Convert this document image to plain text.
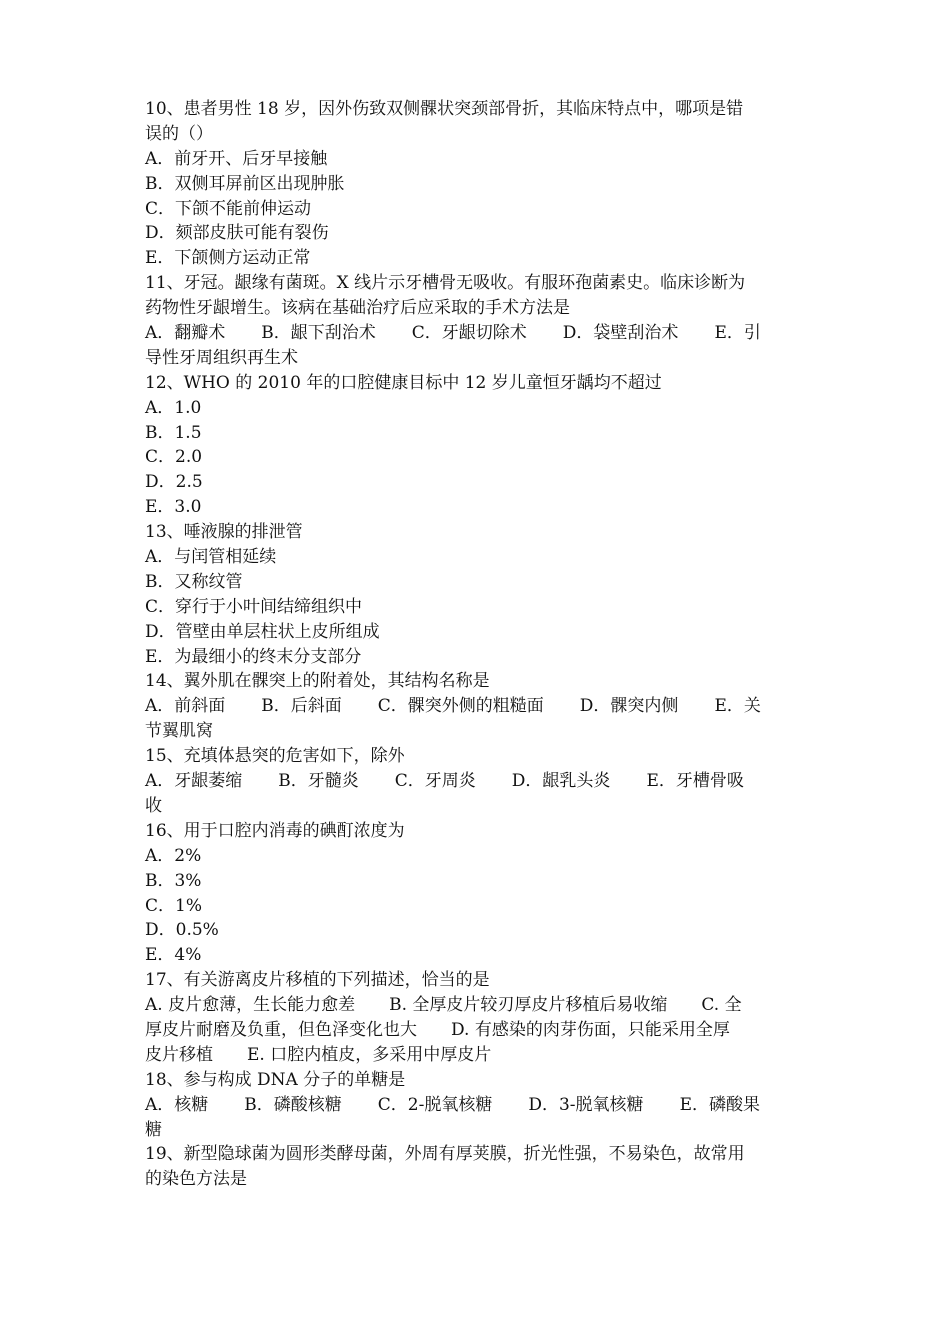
10、患者男性 18 岁，因外伤致双侧髁状突颈部骨折，其临床特点中，哪项是错
误的（）
A．前牙开、后牙早接触
B．双侧耳屏前区出现肿胀
C．下颌不能前伸运动
D．颏部皮肤可能有裂伤
E．下颌侧方运动正常
11、牙冠。龈缘有菌斑。X 线片示牙槽骨无吸收。有服环孢菌素史。临床诊断为
药物性牙龈增生。该病在基础治疗后应采取的手术方法是
A．翻瓣术 B．龈下刮治术 C．牙龈切除术 D．袋壁刮治术 E．引
导性牙周组织再生术
12、WHO 的 2010 年的口腔健康目标中 12 岁儿童恒牙龋均不超过
A．1.0
B．1.5
C．2.0
D．2.5
E．3.0
13、唾液腺的排泄管
A．与闰管相延续
B．又称纹管
C．穿行于小叶间结缔组织中
D．管壁由单层柱状上皮所组成
E．为最细小的终末分支部分
14、翼外肌在髁突上的附着处，其结构名称是
A．前斜面 B．后斜面 C．髁突外侧的粗糙面 D．髁突内侧 E．关
节翼肌窝
15、充填体悬突的危害如下，除外
A．牙龈萎缩 B．牙髓炎 C．牙周炎 D．龈乳头炎 E．牙槽骨吸
收
16、用于口腔内消毒的碘酊浓度为
A．2%
B．3%
C．1%
D．0.5%
E．4%
17、有关游离皮片移植的下列描述，恰当的是
A. 皮片愈薄，生长能力愈差　　B. 全厚皮片较刃厚皮片移植后易收缩　　C. 全
厚皮片耐磨及负重，但色泽变化也大　　D. 有感染的肉芽伤面，只能采用全厚
皮片移植　　E. 口腔内植皮，多采用中厚皮片
18、参与构成 DNA 分子的单糖是
A．核糖 B．磷酸核糖 C．2-脱氧核糖 D．3-脱氧核糖 E．磷酸果
糖
19、新型隐球菌为圆形类酵母菌，外周有厚荚膜，折光性强，不易染色，故常用
的染色方法是
